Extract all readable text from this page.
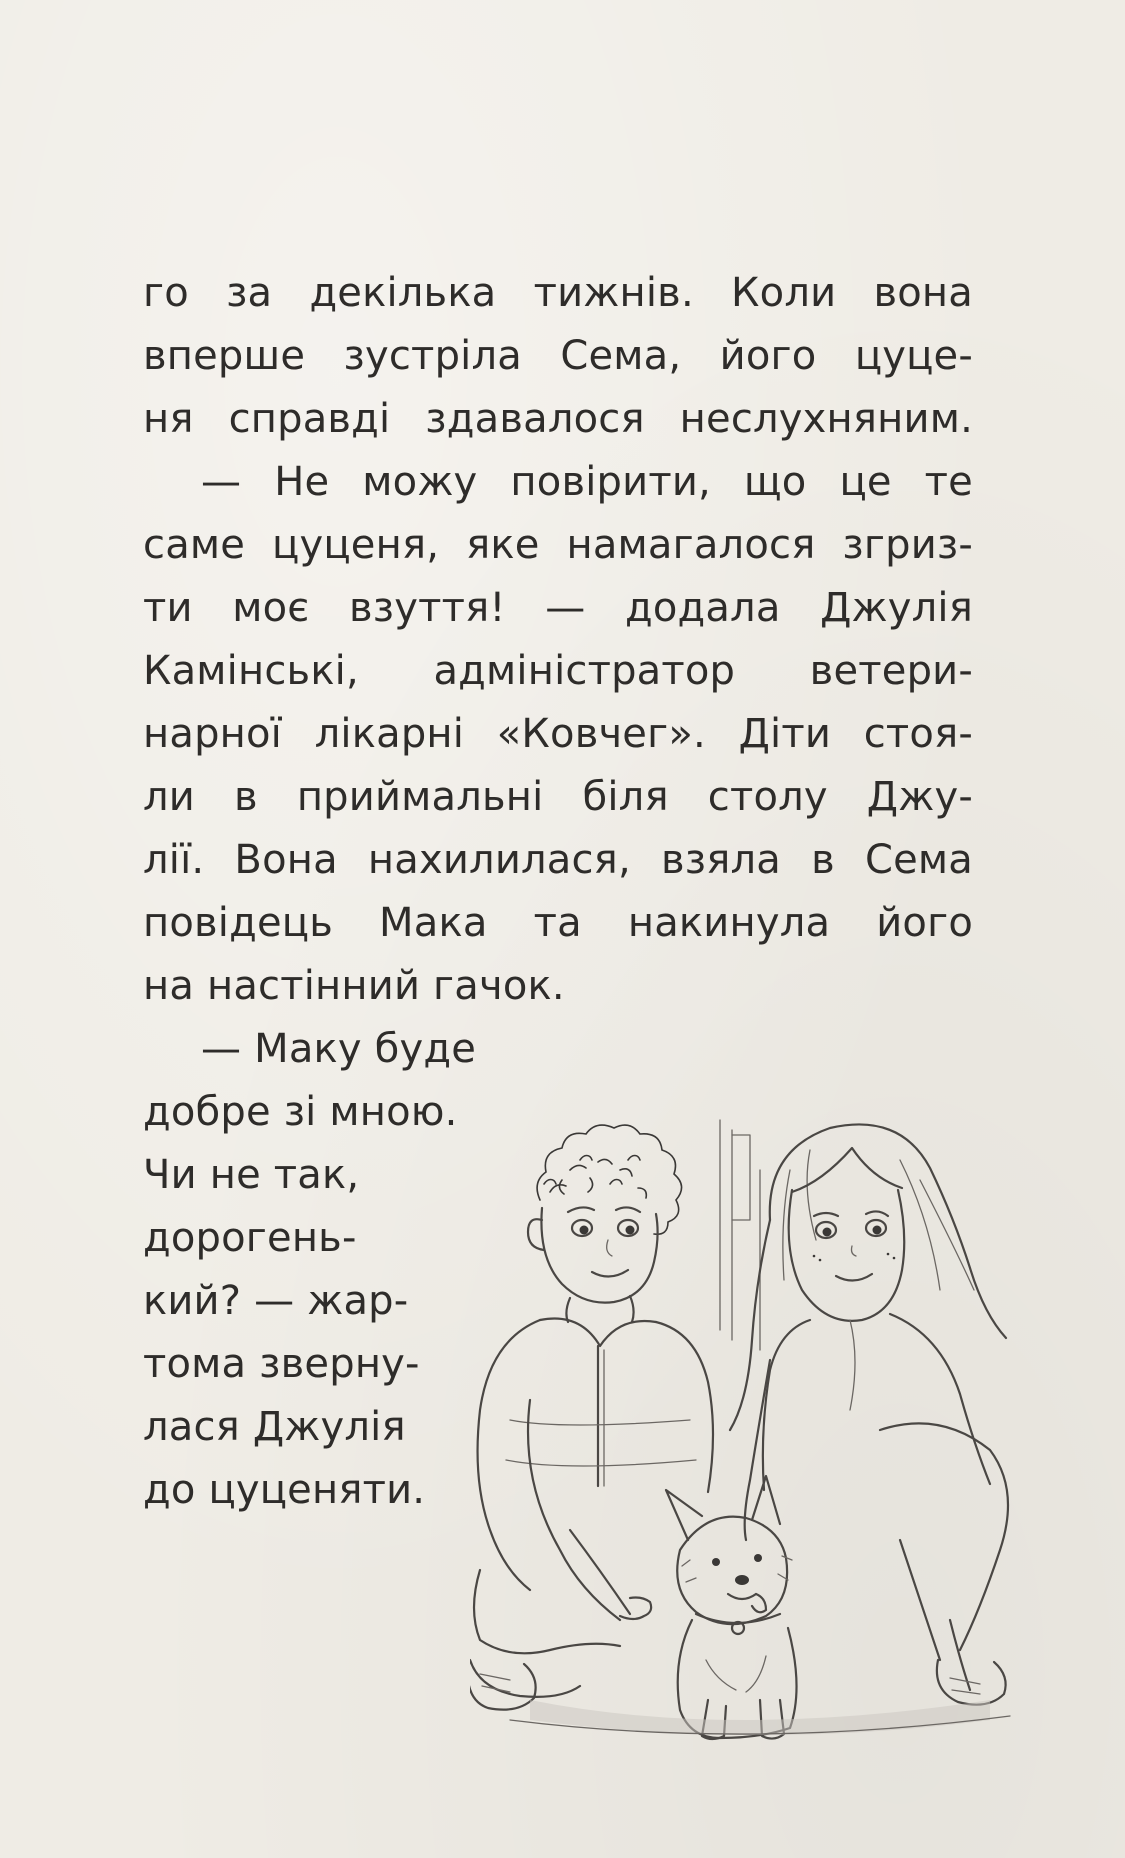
го за декілька тижнів. Коли вона
вперше зустріла Сема, його цуце-
ня справді здавалося неслухняним.
— Не можу повірити, що це те
саме цуценя, яке намагалося згриз-
ти моє взуття! — додала Джулія
Камінські, адміністратор ветери-
нарної лікарні «Ковчег». Діти стоя-
ли в приймальні біля столу Джу-
лії. Вона нахилилася, взяла в Сема
повідець Мака та накинула його
на настінний гачок.
— Маку буде
добре зі мною.
Чи не так,
дорогень-
кий? — жар-
тома зверну-
лася Джулія
до цуценяти.
